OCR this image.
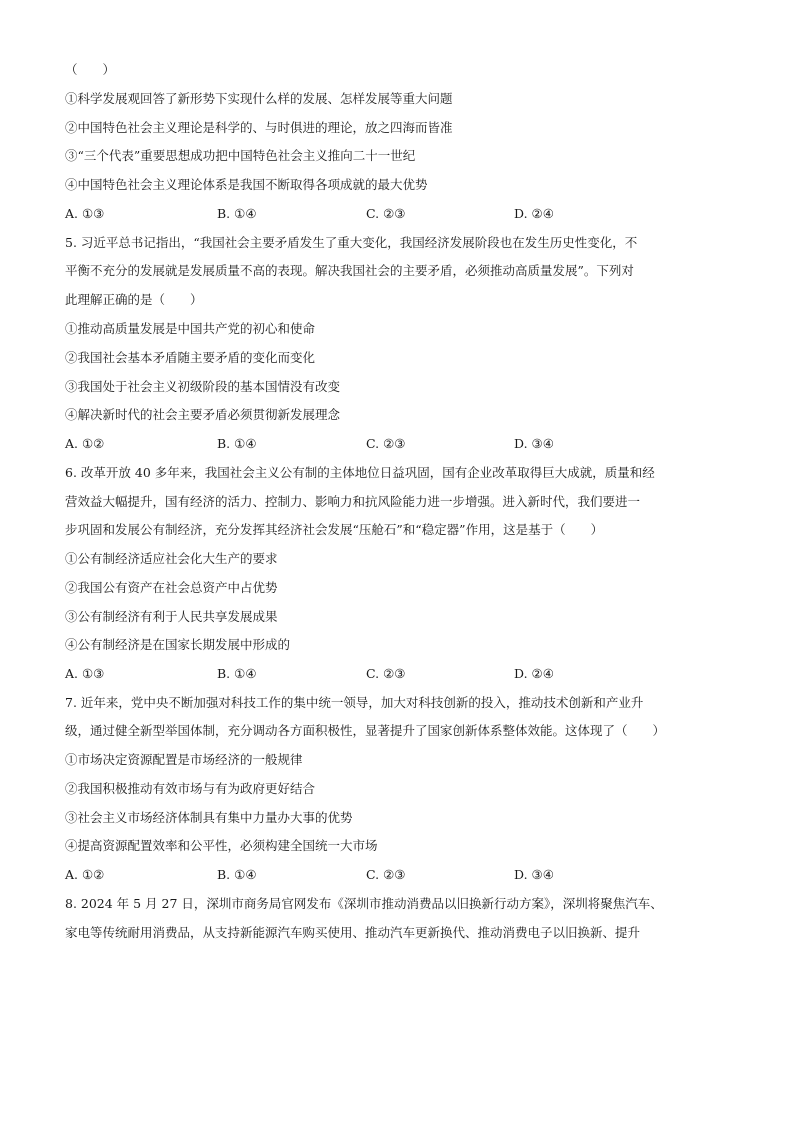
（　　）
①科学发展观回答了新形势下实现什么样的发展、怎样发展等重大问题
②中国特色社会主义理论是科学的、与时俱进的理论，放之四海而皆准
③“三个代表”重要思想成功把中国特色社会主义推向二十一世纪
④中国特色社会主义理论体系是我国不断取得各项成就的最大优势
A. ①③	B. ①④	C. ②③	D. ②④
5. 习近平总书记指出，“我国社会主要矛盾发生了重大变化，我国经济发展阶段也在发生历史性变化，不
平衡不充分的发展就是发展质量不高的表现。解决我国社会的主要矛盾，必须推动高质量发展”。下列对
此理解正确的是（　　）
①推动高质量发展是中国共产党的初心和使命
②我国社会基本矛盾随主要矛盾的变化而变化
③我国处于社会主义初级阶段的基本国情没有改变
④解决新时代的社会主要矛盾必须贯彻新发展理念
A. ①②	B. ①④	C. ②③	D. ③④
6. 改革开放 40 多年来，我国社会主义公有制的主体地位日益巩固，国有企业改革取得巨大成就，质量和经
营效益大幅提升，国有经济的活力、控制力、影响力和抗风险能力进一步增强。进入新时代，我们要进一
步巩固和发展公有制经济，充分发挥其经济社会发展“压舱石”和“稳定器”作用，这是基于（　　）
①公有制经济适应社会化大生产的要求
②我国公有资产在社会总资产中占优势
③公有制经济有利于人民共享发展成果
④公有制经济是在国家长期发展中形成的
A. ①③	B. ①④	C. ②③	D. ②④
7. 近年来，党中央不断加强对科技工作的集中统一领导，加大对科技创新的投入，推动技术创新和产业升
级，通过健全新型举国体制，充分调动各方面积极性，显著提升了国家创新体系整体效能。这体现了（　　）
①市场决定资源配置是市场经济的一般规律
②我国积极推动有效市场与有为政府更好结合
③社会主义市场经济体制具有集中力量办大事的优势
④提高资源配置效率和公平性，必须构建全国统一大市场
A. ①②	B. ①④	C. ②③	D. ③④
8. 2024 年 5 月 27 日，深圳市商务局官网发布《深圳市推动消费品以旧换新行动方案》，深圳将聚焦汽车、
家电等传统耐用消费品，从支持新能源汽车购买使用、推动汽车更新换代、推动消费电子以旧换新、提升
